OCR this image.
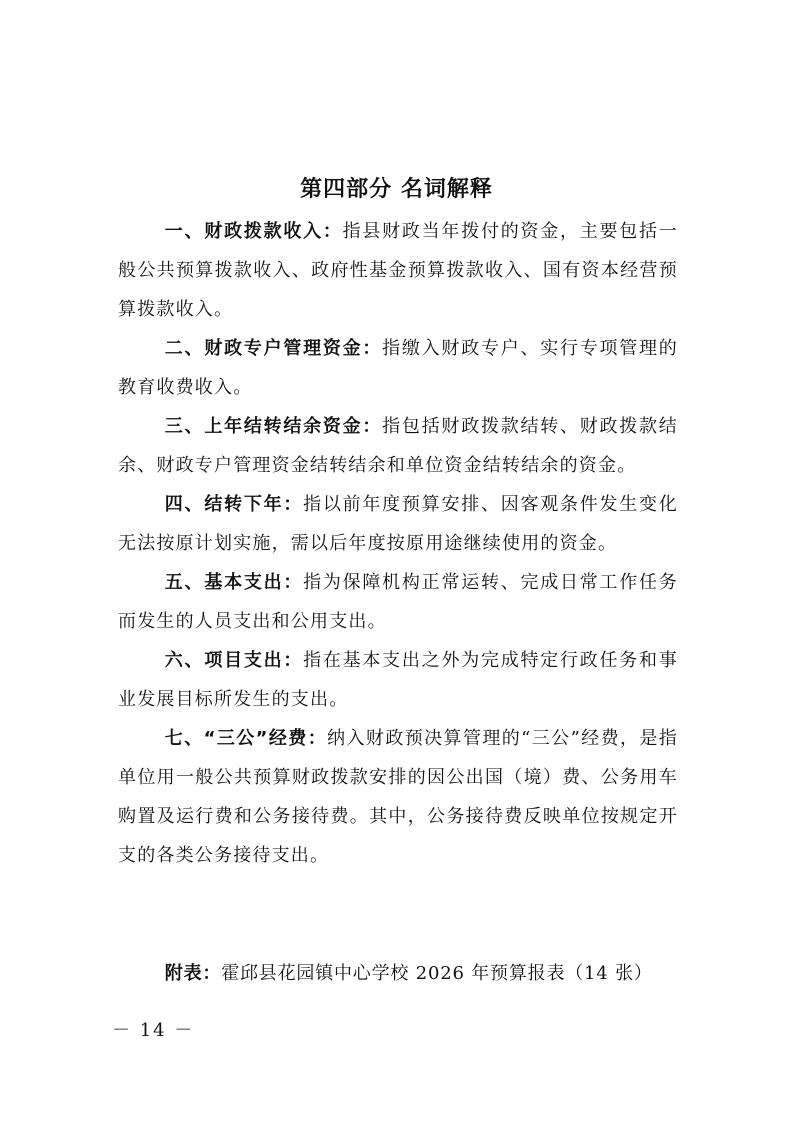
第四部分 名词解释

一、财政拨款收入：指县财政当年拨付的资金，主要包括一般公共预算拨款收入、政府性基金预算拨款收入、国有资本经营预算拨款收入。

二、财政专户管理资金：指缴入财政专户、实行专项管理的教育收费收入。

三、上年结转结余资金：指包括财政拨款结转、财政拨款结余、财政专户管理资金结转结余和单位资金结转结余的资金。

四、结转下年：指以前年度预算安排、因客观条件发生变化无法按原计划实施，需以后年度按原用途继续使用的资金。

五、基本支出：指为保障机构正常运转、完成日常工作任务而发生的人员支出和公用支出。

六、项目支出：指在基本支出之外为完成特定行政任务和事业发展目标所发生的支出。

七、“三公”经费：纳入财政预决算管理的“三公”经费，是指单位用一般公共预算财政拨款安排的因公出国（境）费、公务用车购置及运行费和公务接待费。其中，公务接待费反映单位按规定开支的各类公务接待支出。

附表：霍邱县花园镇中心学校 2026 年预算报表（14 张）

－ 14 －
